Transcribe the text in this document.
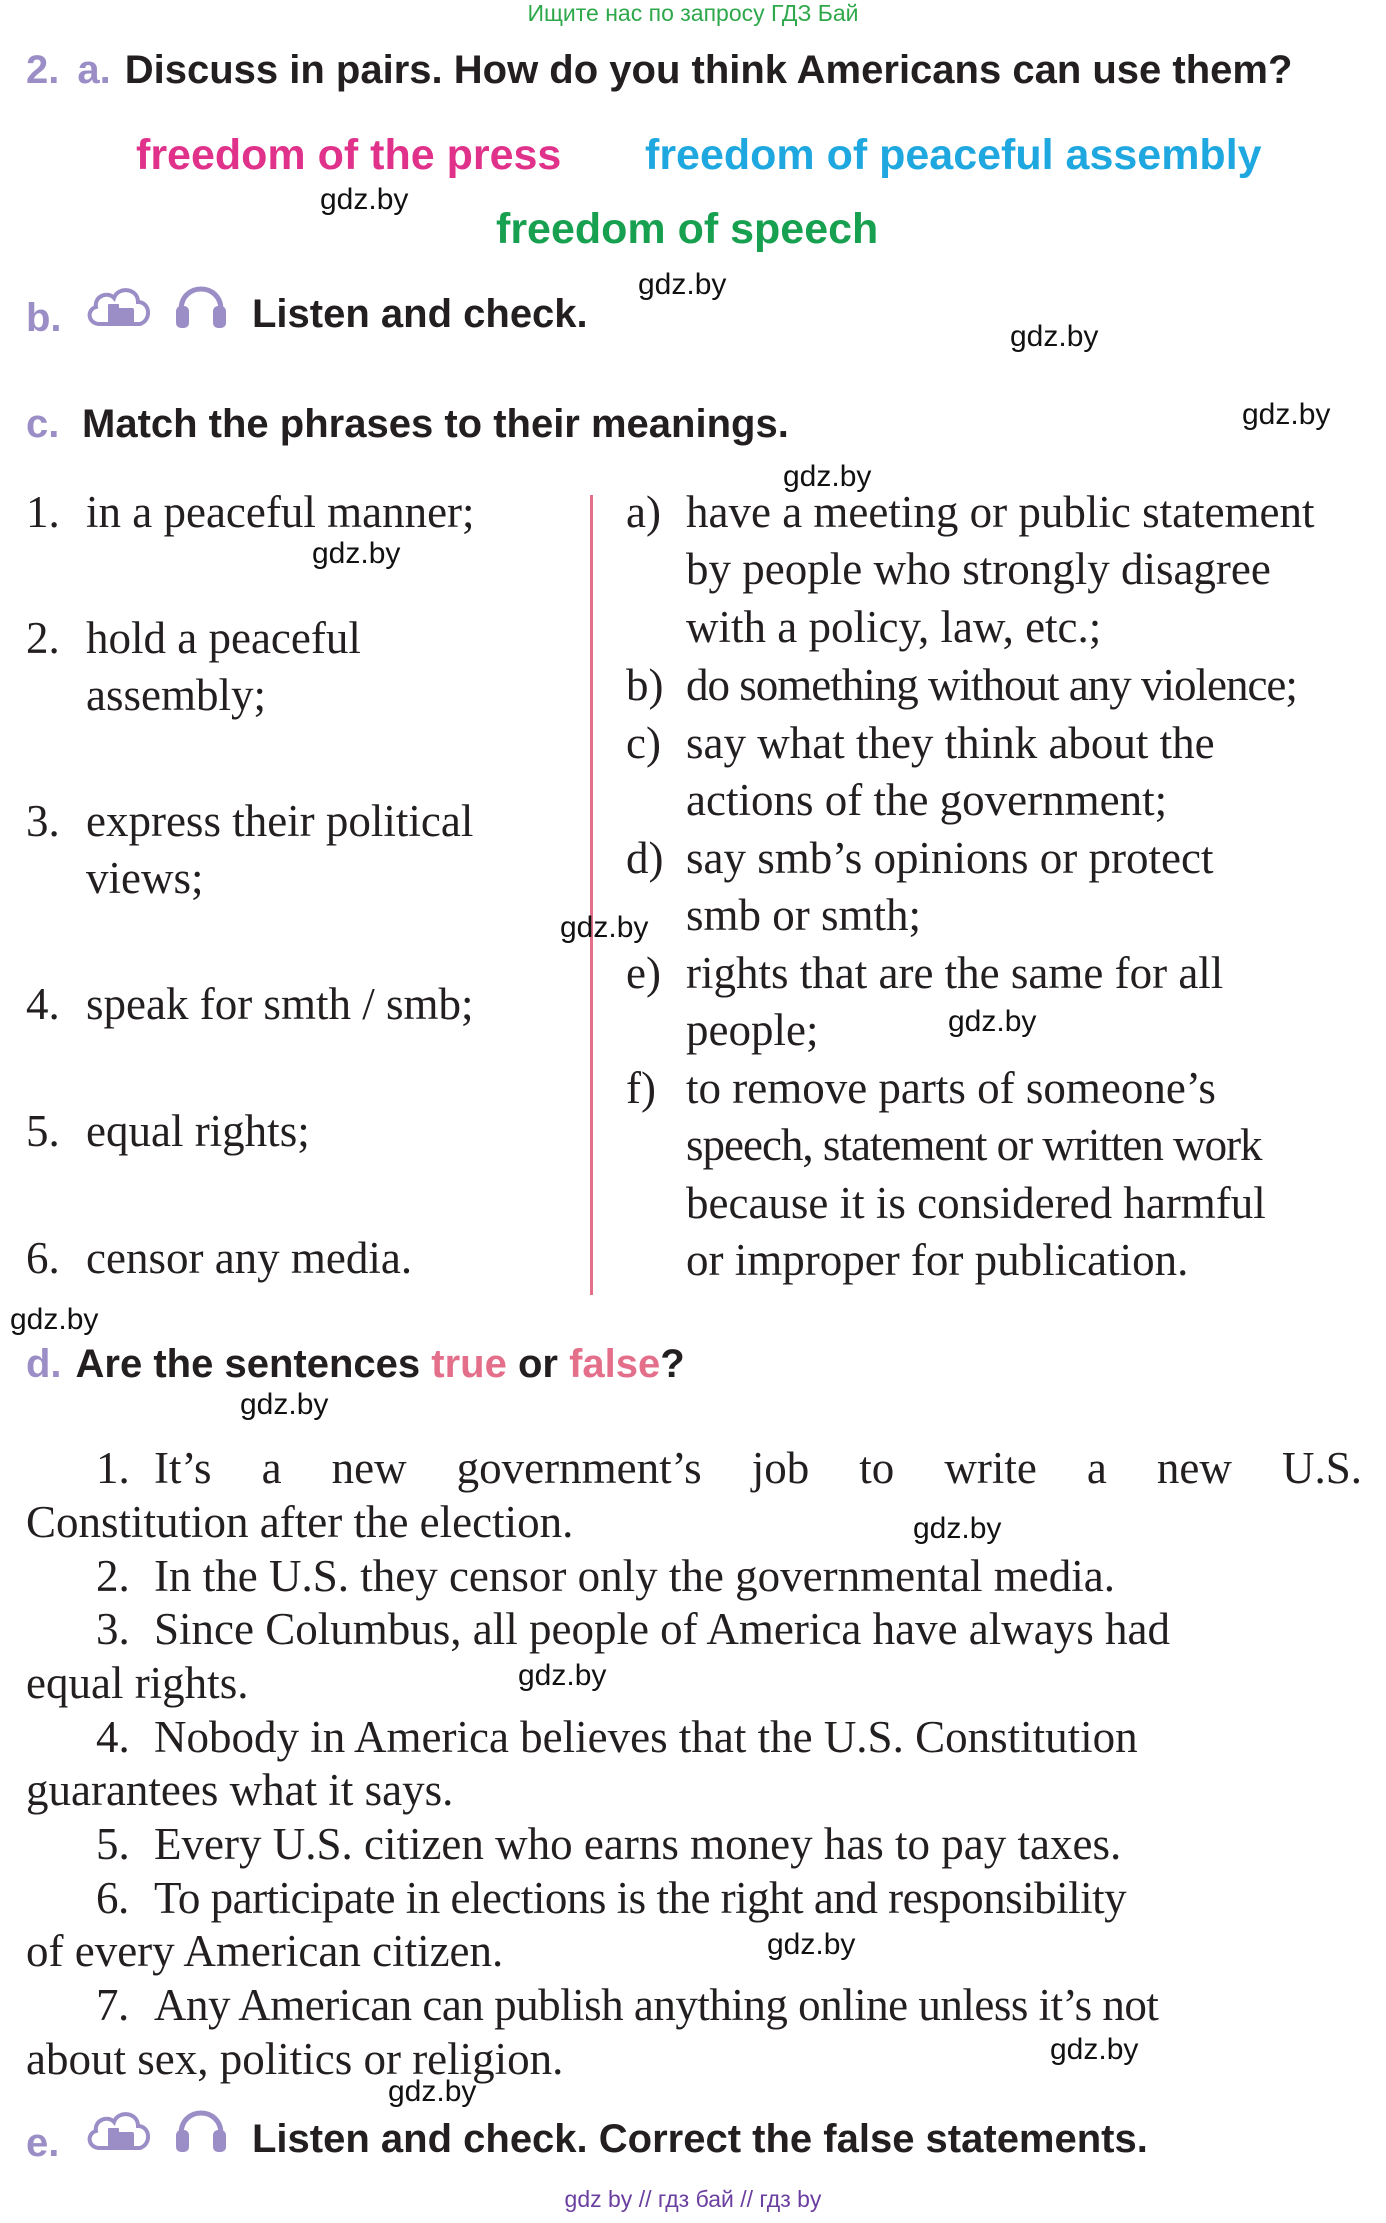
Ищите нас по запросу ГДЗ Бай
2. a. Discuss in pairs. How do you think Americans can use them?
freedom of the press freedom of peaceful assembly
freedom of speech
b.	Listen and check.
c. Match the phrases to their meanings.
1. in a peaceful manner;
2. hold a peaceful
assembly;
3. express their political
views;
4. speak for smth / smb;
5. equal rights;
6. censor any media.
a) have a meeting or public statement
by people who strongly disagree
with a policy, law, etc.;
b) do something without any violence;
c) say what they think about the
actions of the government;
d) say smb’s opinions or protect
smb or smth;
e) rights that are the same for all
people;
f) to remove parts of someone’s
speech, statement or written work
because it is considered harmful
or improper for publication.
d. Are the sentences true or false?
1. It’s a new government’s job to write a new U.S.
Constitution after the election.
2. In the U.S. they censor only the governmental media.
3. Since Columbus, all people of America have always had
equal rights.
4. Nobody in America believes that the U.S. Constitution
guarantees what it says.
5. Every U.S. citizen who earns money has to pay taxes.
6. To participate in elections is the right and responsibility
of every American citizen.
7. Any American can publish anything online unless it’s not
about sex, politics or religion.
e.	Listen and check. Correct the false statements.
gdz.by
gdz.by
gdz.by
gdz.by
gdz.by
gdz.by
gdz.by
gdz.by
gdz.by
gdz.by
gdz.by
gdz.by
gdz.by
gdz.by
gdz.by
gdz by // гдз бай // гдз by
